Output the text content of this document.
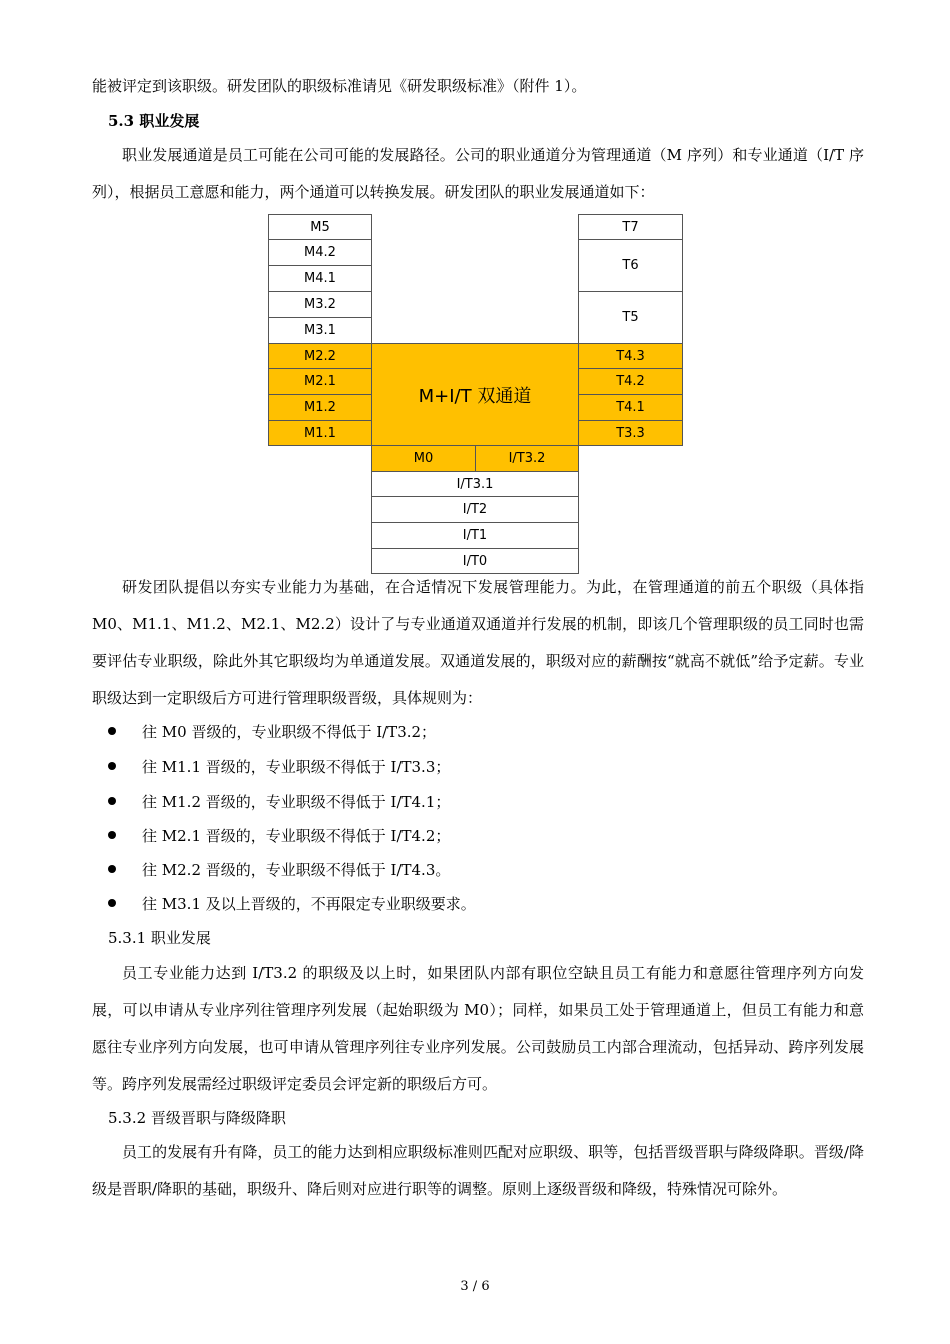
能被评定到该职级。研发团队的职级标准请见《研发职级标准》（附件 1）。
5.3 职业发展
职业发展通道是员工可能在公司可能的发展路径。公司的职业通道分为管理通道（M 序列）和专业通道（I/T 序列），根据员工意愿和能力，两个通道可以转换发展。研发团队的职业发展通道如下：
M5
M4.2
M4.1
M3.2
M3.1
M2.2
M2.1
M1.2
M1.1
M+I/T 双通道
T7
T6
T5
T4.3
T4.2
T4.1
T3.3
M0	I/T3.2
I/T3.1
I/T2
I/T1
I/T0
研发团队提倡以夯实专业能力为基础，在合适情况下发展管理能力。为此，在管理通道的前五个职级（具体指 M0、M1.1、M1.2、M2.1、M2.2）设计了与专业通道双通道并行发展的机制，即该几个管理职级的员工同时也需要评估专业职级，除此外其它职级均为单通道发展。双通道发展的，职级对应的薪酬按“就高不就低”给予定薪。专业职级达到一定职级后方可进行管理职级晋级，具体规则为：
往 M0 晋级的，专业职级不得低于 I/T3.2；
往 M1.1 晋级的，专业职级不得低于 I/T3.3；
往 M1.2 晋级的，专业职级不得低于 I/T4.1；
往 M2.1 晋级的，专业职级不得低于 I/T4.2；
往 M2.2 晋级的，专业职级不得低于 I/T4.3。
往 M3.1 及以上晋级的，不再限定专业职级要求。
5.3.1 职业发展
员工专业能力达到 I/T3.2 的职级及以上时，如果团队内部有职位空缺且员工有能力和意愿往管理序列方向发展，可以申请从专业序列往管理序列发展（起始职级为 M0）；同样，如果员工处于管理通道上，但员工有能力和意愿往专业序列方向发展，也可申请从管理序列往专业序列发展。公司鼓励员工内部合理流动，包括异动、跨序列发展等。跨序列发展需经过职级评定委员会评定新的职级后方可。
5.3.2 晋级晋职与降级降职
员工的发展有升有降，员工的能力达到相应职级标准则匹配对应职级、职等，包括晋级晋职与降级降职。晋级/降级是晋职/降职的基础，职级升、降后则对应进行职等的调整。原则上逐级晋级和降级，特殊情况可除外。
3 / 6
